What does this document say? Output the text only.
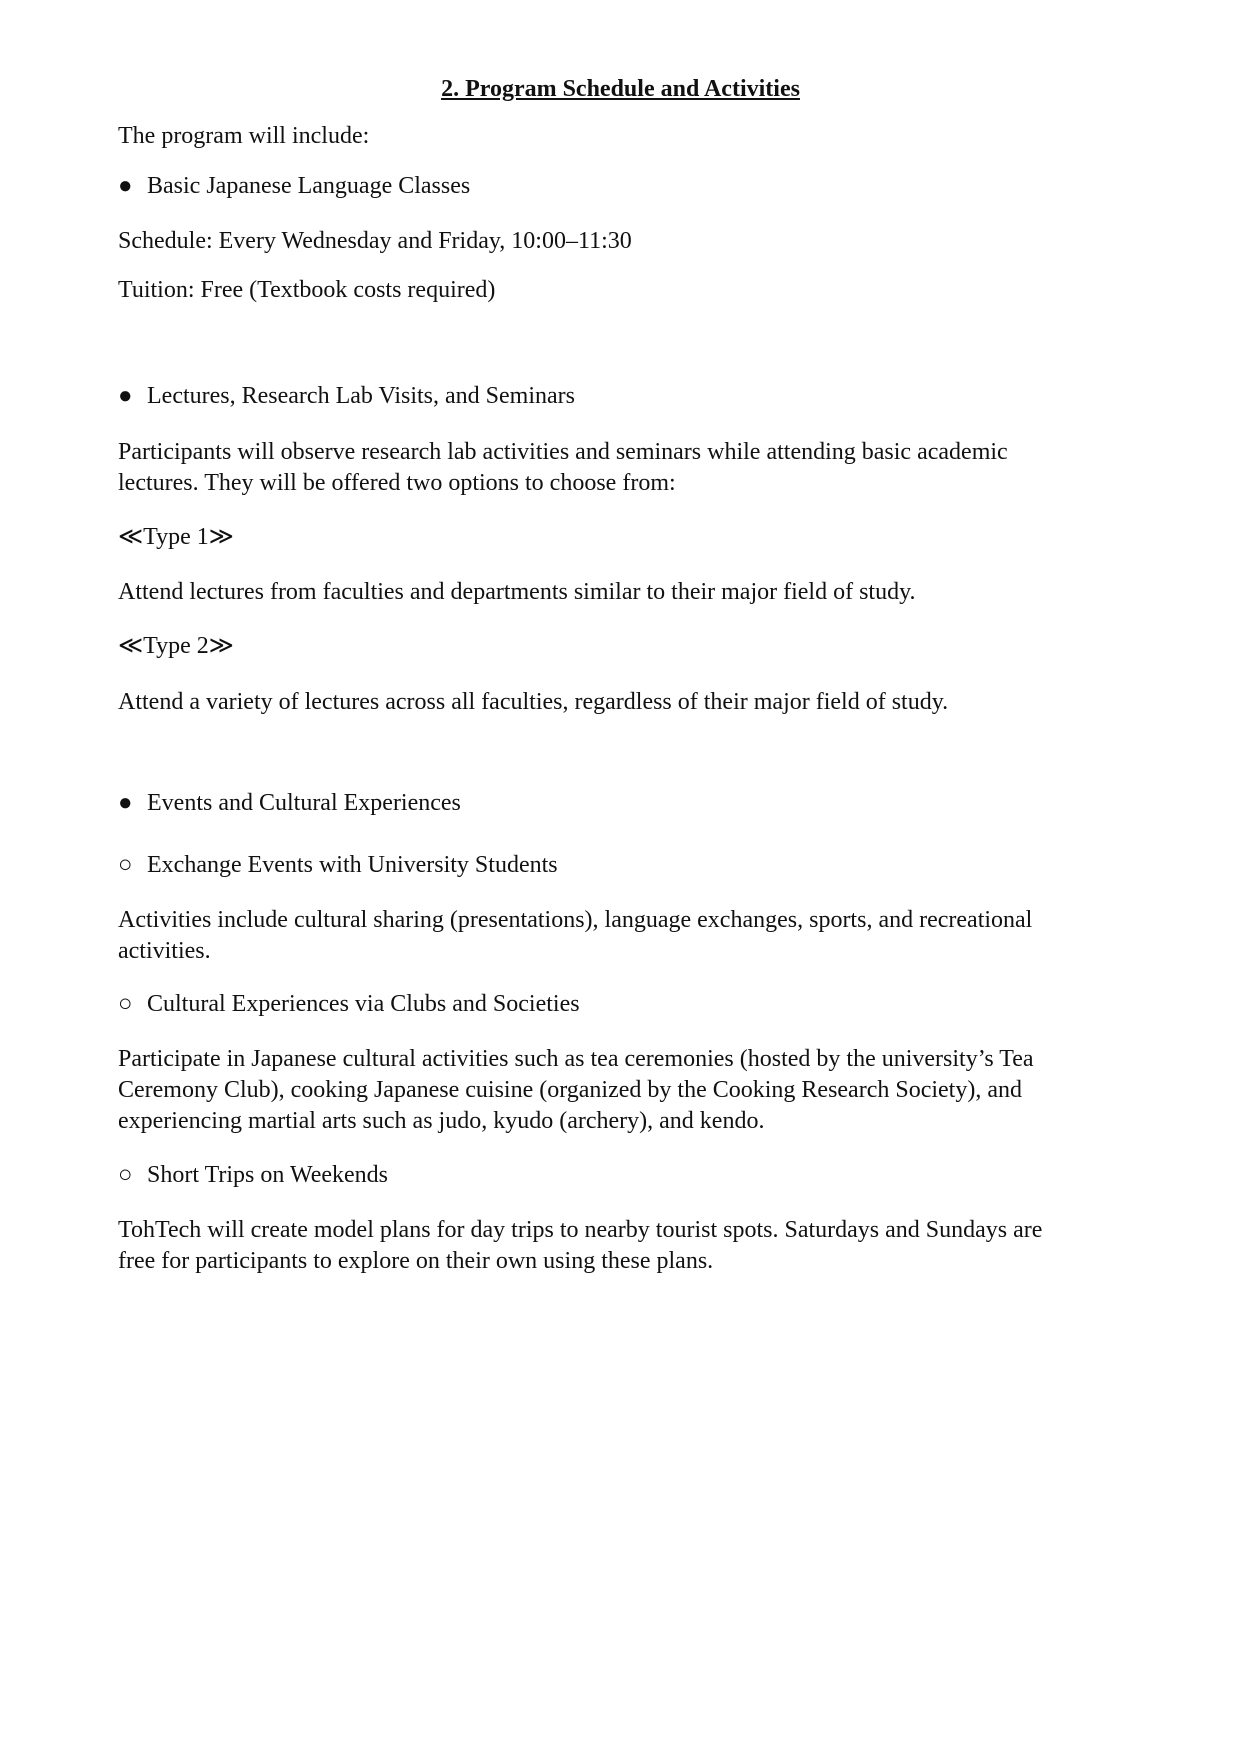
2. Program Schedule and Activities
The program will include:
● Basic Japanese Language Classes
Schedule: Every Wednesday and Friday, 10:00–11:30
Tuition: Free (Textbook costs required)
● Lectures, Research Lab Visits, and Seminars
Participants will observe research lab activities and seminars while attending basic academic
lectures. They will be offered two options to choose from:
≪Type 1≫
Attend lectures from faculties and departments similar to their major field of study.
≪Type 2≫
Attend a variety of lectures across all faculties, regardless of their major field of study.
● Events and Cultural Experiences
○ Exchange Events with University Students
Activities include cultural sharing (presentations), language exchanges, sports, and recreational
activities.
○ Cultural Experiences via Clubs and Societies
Participate in Japanese cultural activities such as tea ceremonies (hosted by the university’s Tea
Ceremony Club), cooking Japanese cuisine (organized by the Cooking Research Society), and
experiencing martial arts such as judo, kyudo (archery), and kendo.
○ Short Trips on Weekends
TohTech will create model plans for day trips to nearby tourist spots. Saturdays and Sundays are
free for participants to explore on their own using these plans.
